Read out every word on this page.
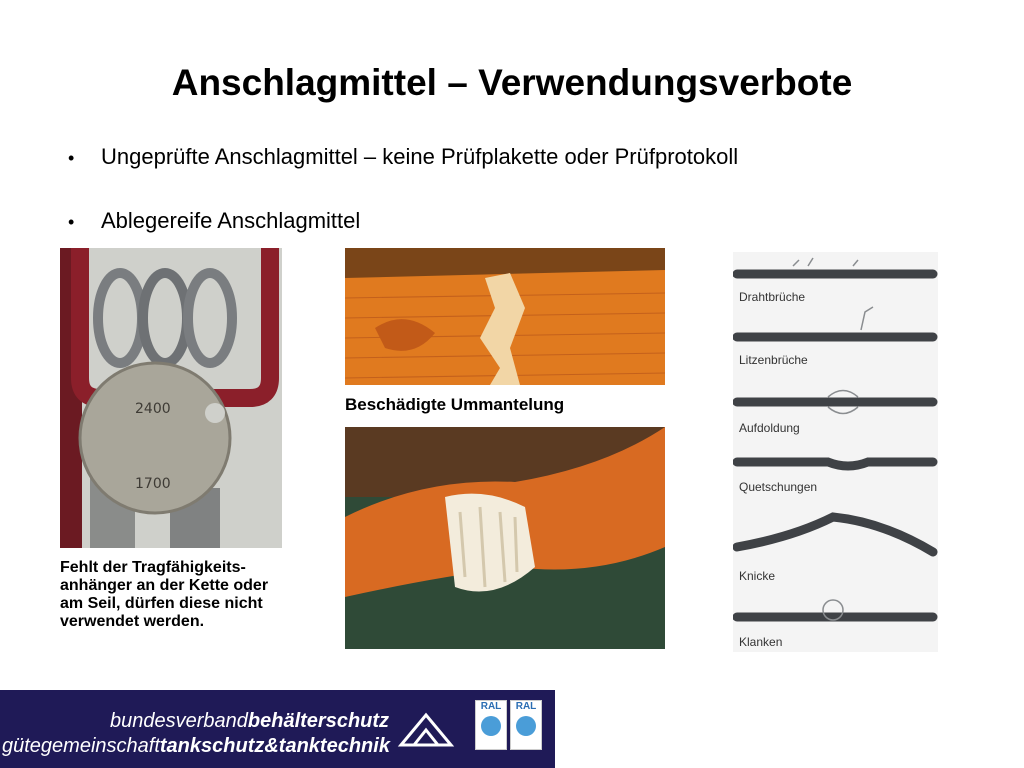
Anschlagmittel – Verwendungsverbote
•	Ungeprüfte Anschlagmittel – keine Prüfplakette oder Prüfprotokoll
•	Ablegereife Anschlagmittel
2400
1700
Fehlt der Tragfähigkeits-anhänger an der Kette oder am Seil, dürfen diese nicht verwendet werden.
Beschädigte Ummantelung
Drahtbrüche
Litzenbrüche
Aufdoldung
Quetschungen
Knicke
Klanken
bundesverbandbehälterschutz
gütegemeinschafttankschutz&tanktechnik
RAL	RAL
